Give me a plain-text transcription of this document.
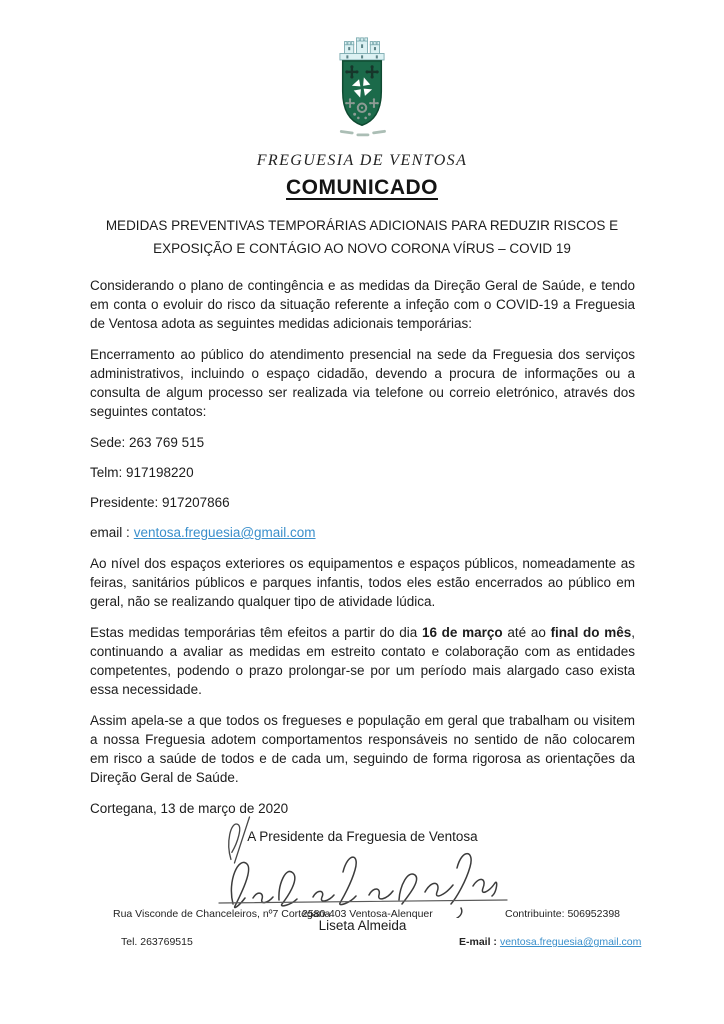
FREGUESIA DE VENTOSA
COMUNICADO
MEDIDAS PREVENTIVAS TEMPORÁRIAS ADICIONAIS PARA REDUZIR RISCOS E EXPOSIÇÃO E CONTÁGIO AO NOVO CORONA VÍRUS – COVID 19

Considerando o plano de contingência e as medidas da Direção Geral de Saúde, e tendo em conta o evoluir do risco da situação referente a infeção com o COVID-19 a Freguesia de Ventosa adota as seguintes medidas adicionais temporárias:

Encerramento ao público do atendimento presencial na sede da Freguesia dos serviços administrativos, incluindo o espaço cidadão, devendo a procura de informações ou a consulta de algum processo ser realizada via telefone ou correio eletrónico, através dos seguintes contatos:

Sede: 263 769 515
Telm: 917198220
Presidente: 917207866
email : ventosa.freguesia@gmail.com

Ao nível dos espaços exteriores os equipamentos e espaços públicos, nomeadamente as feiras, sanitários públicos e parques infantis, todos eles estão encerrados ao público em geral, não se realizando qualquer tipo de atividade lúdica.

Estas medidas temporárias têm efeitos a partir do dia 16 de março até ao final do mês, continuando a avaliar as medidas em estreito contato e colaboração com as entidades competentes, podendo o prazo prolongar-se por um período mais alargado caso exista essa necessidade.

Assim apela-se a que todos os fregueses e população em geral que trabalham ou visitem a nossa Freguesia adotem comportamentos responsáveis no sentido de não colocarem em risco a saúde de todos e de cada um, seguindo de forma rigorosa as orientações da Direção Geral de Saúde.

Cortegana, 13 de março de 2020
A Presidente da Freguesia de Ventosa
Liseta Almeida
Rua Visconde de Chanceleiros, nº7 Cortegana
2580-403 Ventosa-Alenquer	Contribuinte: 506952398
Tel. 263769515	E-mail : ventosa.freguesia@gmail.com
